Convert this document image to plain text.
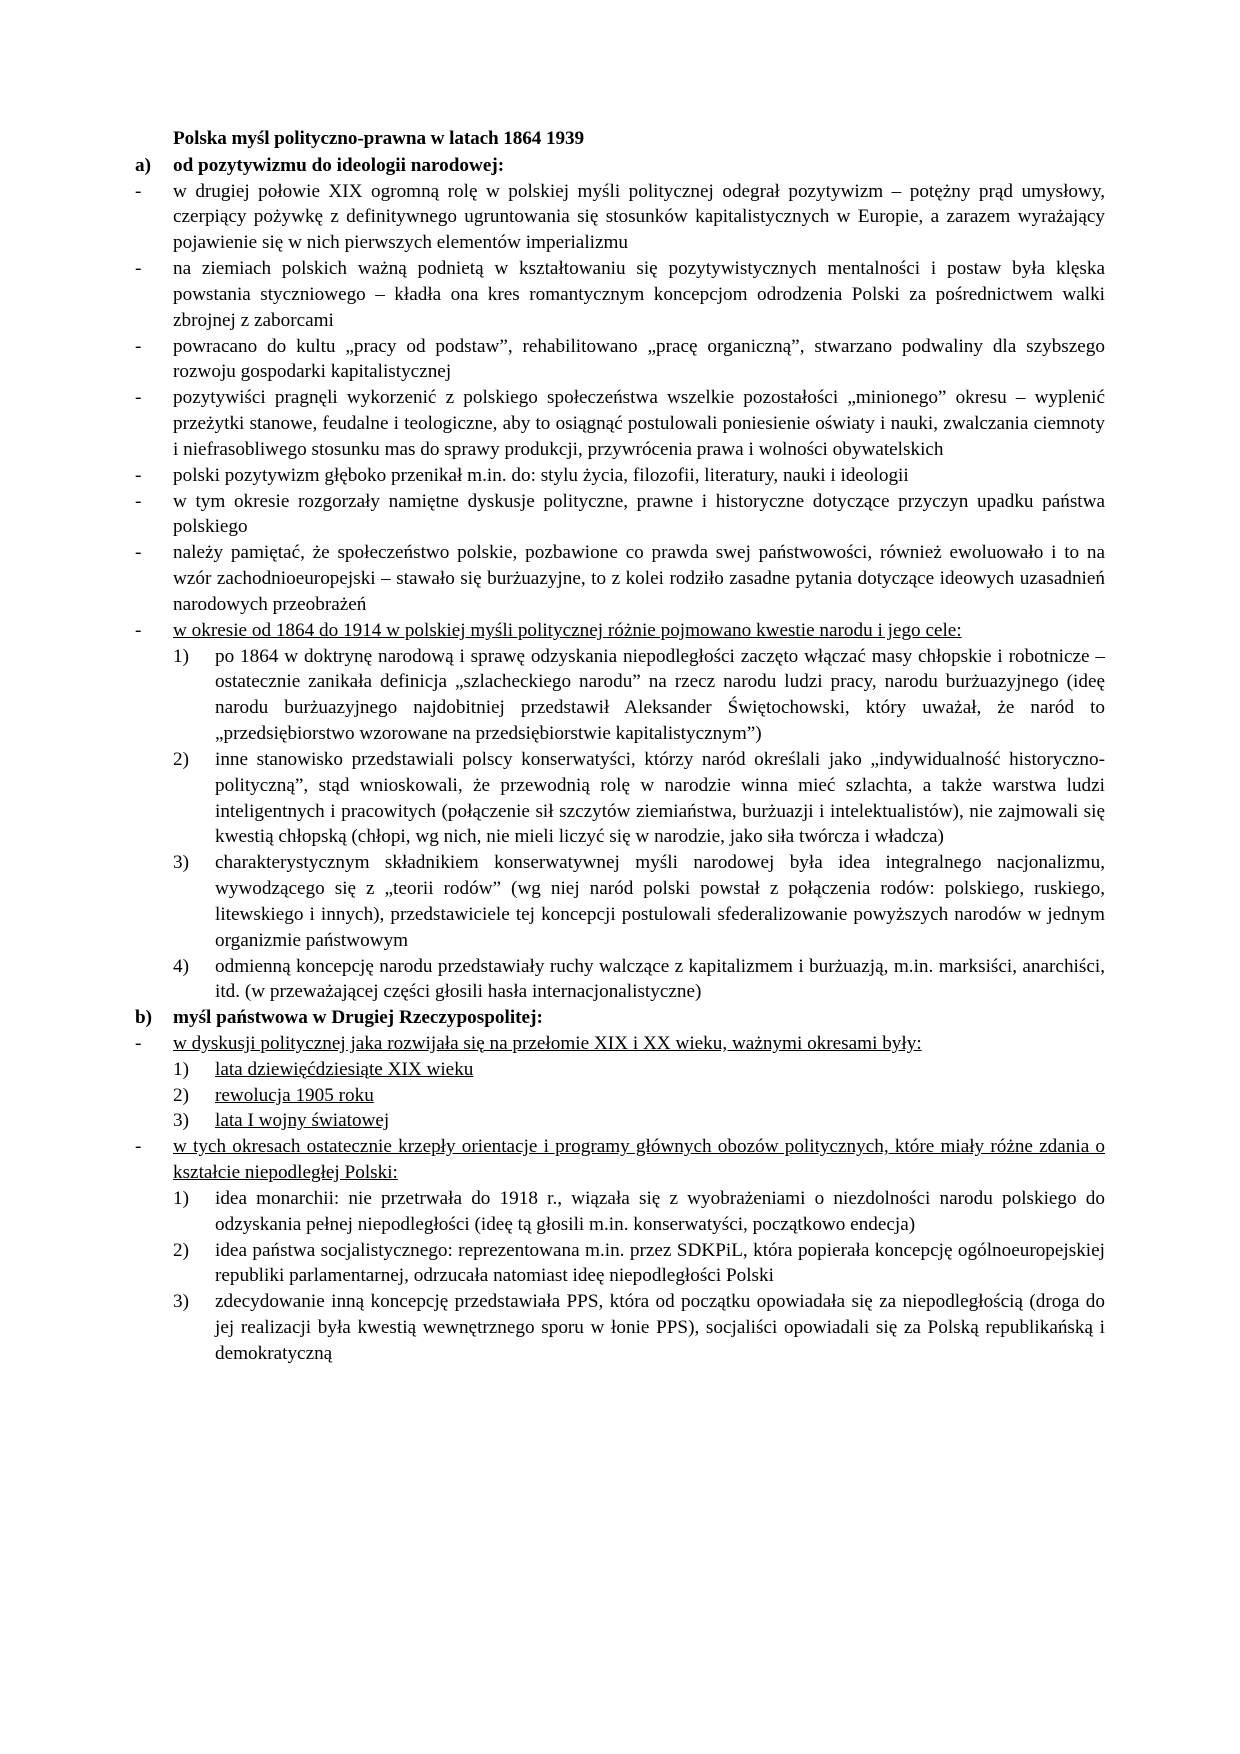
Polska myśl polityczno-prawna w latach 1864 1939
a)	od pozytywizmu do ideologii narodowej:
-	w drugiej połowie XIX ogromną rolę w polskiej myśli politycznej odegrał pozytywizm – potężny prąd umysłowy, czerpiący pożywkę z definitywnego ugruntowania się stosunków kapitalistycznych w Europie, a zarazem wyrażający pojawienie się w nich pierwszych elementów imperializmu
-	na ziemiach polskich ważną podnietą w kształtowaniu się pozytywistycznych mentalności i postaw była klęska powstania styczniowego – kładła ona kres romantycznym koncepcjom odrodzenia Polski za pośrednictwem walki zbrojnej z zaborcami
-	powracano do kultu „pracy od podstaw”, rehabilitowano „pracę organiczną”, stwarzano podwaliny dla szybszego rozwoju gospodarki kapitalistycznej
-	pozytywiści pragnęli wykorzenić z polskiego społeczeństwa wszelkie pozostałości „minionego” okresu – wyplenić przeżytki stanowe, feudalne i teologiczne, aby to osiągnąć postulowali poniesienie oświaty i nauki, zwalczania ciemnoty i niefrasobliwego stosunku mas do sprawy produkcji, przywrócenia prawa i wolności obywatelskich
-	polski pozytywizm głęboko przenikał m.in. do: stylu życia, filozofii, literatury, nauki i ideologii
-	w tym okresie rozgorzały namiętne dyskusje polityczne, prawne i historyczne dotyczące przyczyn upadku państwa polskiego
-	należy pamiętać, że społeczeństwo polskie, pozbawione co prawda swej państwowości, również ewoluowało i to na wzór zachodnioeuropejski – stawało się burżuazyjne, to z kolei rodziło zasadne pytania dotyczące ideowych uzasadnień narodowych przeobrażeń
-	w okresie od 1864 do 1914 w polskiej myśli politycznej różnie pojmowano kwestie narodu i jego cele:
1)	po 1864 w doktrynę narodową i sprawę odzyskania niepodległości zaczęto włączać masy chłopskie i robotnicze – ostatecznie zanikała definicja „szlacheckiego narodu” na rzecz narodu ludzi pracy, narodu burżuazyjnego (ideę narodu burżuazyjnego najdobitniej przedstawił Aleksander Świętochowski, który uważał, że naród to „przedsiębiorstwo wzorowane na przedsiębiorstwie kapitalistycznym”)
2)	inne stanowisko przedstawiali polscy konserwatyści, którzy naród określali jako „indywidualność historyczno-polityczną”, stąd wnioskowali, że przewodnią rolę w narodzie winna mieć szlachta, a także warstwa ludzi inteligentnych i pracowitych (połączenie sił szczytów ziemiaństwa, burżuazji i intelektualistów), nie zajmowali się kwestią chłopską (chłopi, wg nich, nie mieli liczyć się w narodzie, jako siła twórcza i władcza)
3)	charakterystycznym składnikiem konserwatywnej myśli narodowej była idea integralnego nacjonalizmu, wywodzącego się z „teorii rodów” (wg niej naród polski powstał z połączenia rodów: polskiego, ruskiego, litewskiego i innych), przedstawiciele tej koncepcji postulowali sfederalizowanie powyższych narodów w jednym organizmie państwowym
4)	odmienną koncepcję narodu przedstawiały ruchy walczące z kapitalizmem i burżuazją, m.in. marksiści, anarchiści, itd. (w przeważającej części głosili hasła internacjonalistyczne)
b)	myśl państwowa w Drugiej Rzeczypospolitej:
-	w dyskusji politycznej jaka rozwijała się na przełomie XIX i XX wieku, ważnymi okresami były:
1)	lata dziewięćdziesiąte XIX wieku
2)	rewolucja 1905 roku
3)	lata I wojny światowej
-	w tych okresach ostatecznie krzepły orientacje i programy głównych obozów politycznych, które miały różne zdania o kształcie niepodległej Polski:
1)	idea monarchii: nie przetrwała do 1918 r., wiązała się z wyobrażeniami o niezdolności narodu polskiego do odzyskania pełnej niepodległości (ideę tą głosili m.in. konserwatyści, początkowo endecja)
2)	idea państwa socjalistycznego: reprezentowana m.in. przez SDKPiL, która popierała koncepcję ogólnoeuropejskiej republiki parlamentarnej, odrzucała natomiast ideę niepodległości Polski
3)	zdecydowanie inną koncepcję przedstawiała PPS, która od początku opowiadała się za niepodległością (droga do jej realizacji była kwestią wewnętrznego sporu w łonie PPS), socjaliści opowiadali się za Polską republikańską i demokratyczną
